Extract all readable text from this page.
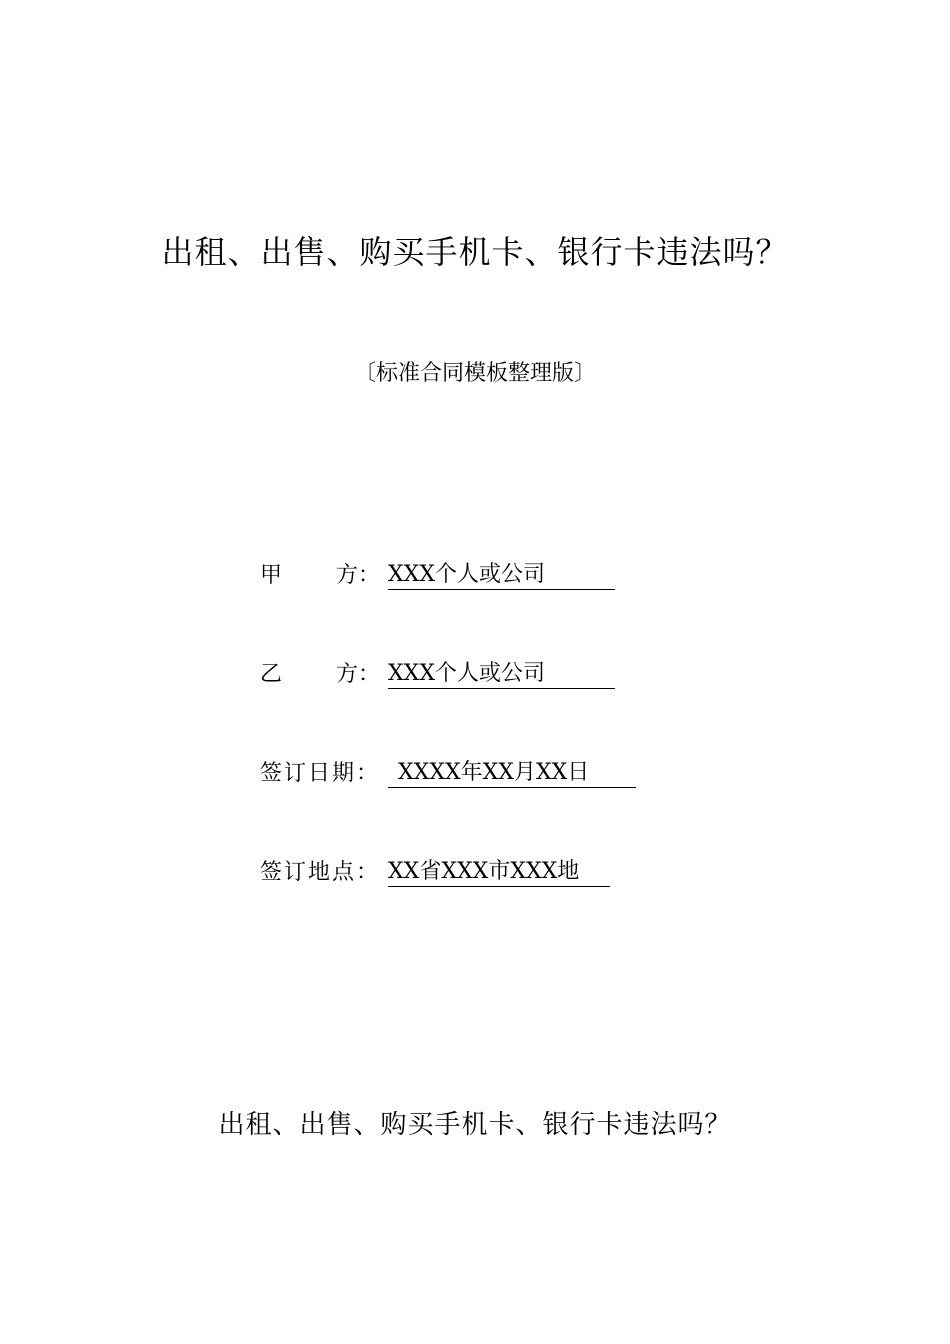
出租、出售、购买手机卡、银行卡违法吗？
〔标准合同模板整理版〕
甲 方： XXX个人或公司
乙 方： XXX个人或公司
签订日期： XXXX年XX月XX日
签订地点： XX省XXX市XXX地
出租、出售、购买手机卡、银行卡违法吗？
